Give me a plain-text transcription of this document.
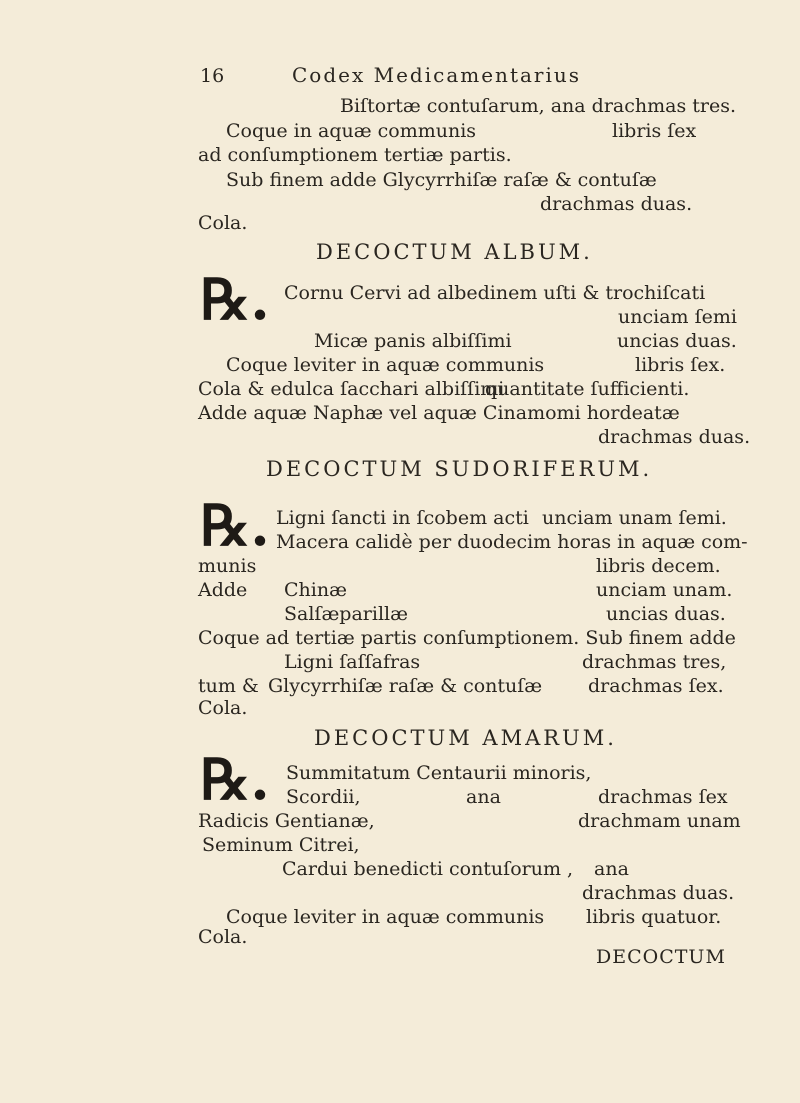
16	Codex Medicamentarius
Biſtortæ contuſarum, ana drachmas tres.
Coque in aquæ communis	libris ſex
ad conſumptionem tertiæ partis.
Sub finem adde Glycyrrhiſæ raſæ & contuſæ
drachmas duas.
Cola.
DECOCTUM ALBUM.
℞. Cornu Cervi ad albedinem uſti & trochiſcati
unciam ſemi
Micæ panis albiſſimi	uncias duas.
Coque leviter in aquæ communis	libris ſex.
Cola & edulca ſacchari albiſſimi
quantitate ſufficienti.
Adde aquæ Naphæ vel aquæ Cinamomi hordeatæ
drachmas duas.
DECOCTUM SUDORIFERUM.
℞. Ligni ſancti in ſcobem acti unciam unam ſemi.
Macera calidè per duodecim horas in aquæ com-
munis	libris decem.
Adde Chinæ	unciam unam.
Salſæparillæ	uncias duas.
Coque ad tertiæ partis conſumptionem. Sub finem adde
Ligni ſaſſafras	drachmas tres,
tum & Glycyrrhiſæ raſæ & contuſæ drachmas ſex.
Cola.
DECOCTUM AMARUM.
℞. Summitatum Centaurii minoris,
Scordii,	ana	drachmas ſex
Radicis Gentianæ,	drachmam unam
Seminum Citrei,
Cardui benedicti contuſorum , ana
drachmas duas.
Coque leviter in aquæ communis libris quatuor.
Cola.
DECOCTUM
